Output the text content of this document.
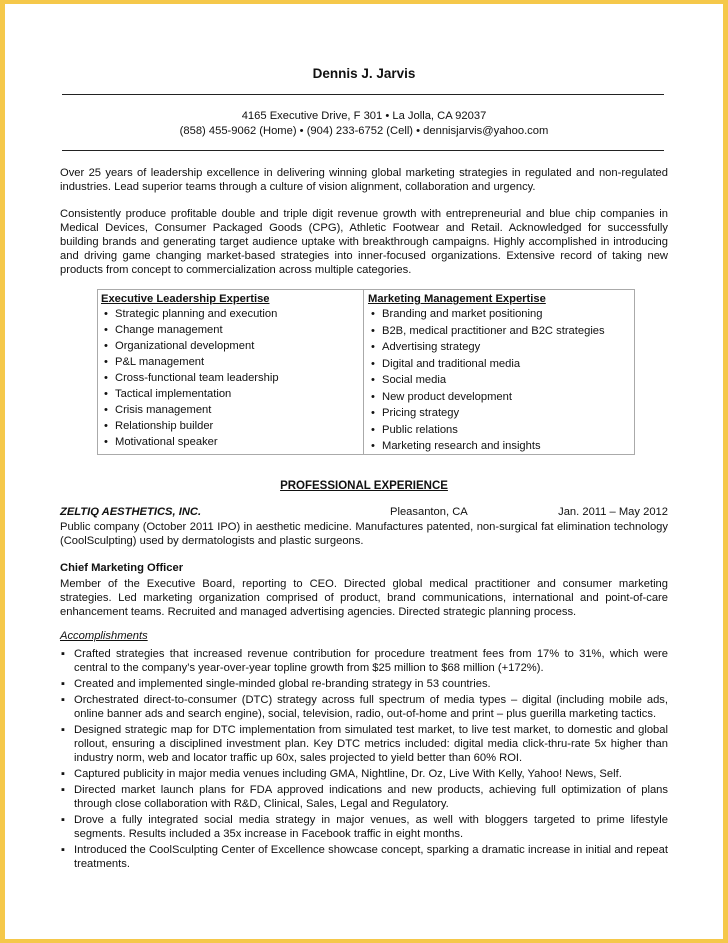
Dennis J. Jarvis
4165 Executive Drive, F 301 • La Jolla, CA 92037
(858) 455-9062 (Home) • (904) 233-6752 (Cell) • dennisjarvis@yahoo.com
Over 25 years of leadership excellence in delivering winning global marketing strategies in regulated and non-regulated industries. Lead superior teams through a culture of vision alignment, collaboration and urgency.
Consistently produce profitable double and triple digit revenue growth with entrepreneurial and blue chip companies in Medical Devices, Consumer Packaged Goods (CPG), Athletic Footwear and Retail. Acknowledged for successfully building brands and generating target audience uptake with breakthrough campaigns. Highly accomplished in introducing and driving game changing market-based strategies into inner-focused organizations. Extensive record of taking new products from concept to commercialization across multiple categories.
Executive Leadership Expertise
• Strategic planning and execution
• Change management
• Organizational development
• P&L management
• Cross-functional team leadership
• Tactical implementation
• Crisis management
• Relationship builder
• Motivational speaker
Marketing Management Expertise
• Branding and market positioning
• B2B, medical practitioner and B2C strategies
• Advertising strategy
• Digital and traditional media
• Social media
• New product development
• Pricing strategy
• Public relations
• Marketing research and insights
PROFESSIONAL EXPERIENCE
ZELTIQ AESTHETICS, INC.	Pleasanton, CA	Jan. 2011 – May 2012
Public company (October 2011 IPO) in aesthetic medicine. Manufactures patented, non-surgical fat elimination technology (CoolSculpting) used by dermatologists and plastic surgeons.
Chief Marketing Officer
Member of the Executive Board, reporting to CEO. Directed global medical practitioner and consumer marketing strategies. Led marketing organization comprised of product, brand communications, international and point-of-care enhancement teams. Recruited and managed advertising agencies. Directed strategic planning process.
Accomplishments
▪ Crafted strategies that increased revenue contribution for procedure treatment fees from 17% to 31%, which were central to the company’s year-over-year topline growth from $25 million to $68 million (+172%).
▪ Created and implemented single-minded global re-branding strategy in 53 countries.
▪ Orchestrated direct-to-consumer (DTC) strategy across full spectrum of media types – digital (including mobile ads, online banner ads and search engine), social, television, radio, out-of-home and print – plus guerilla marketing tactics.
▪ Designed strategic map for DTC implementation from simulated test market, to live test market, to domestic and global rollout, ensuring a disciplined investment plan. Key DTC metrics included: digital media click-thru-rate 5x higher than industry norm, web and locator traffic up 60x, sales projected to yield better than 60% ROI.
▪ Captured publicity in major media venues including GMA, Nightline, Dr. Oz, Live With Kelly, Yahoo! News, Self.
▪ Directed market launch plans for FDA approved indications and new products, achieving full optimization of plans through close collaboration with R&D, Clinical, Sales, Legal and Regulatory.
▪ Drove a fully integrated social media strategy in major venues, as well with bloggers targeted to prime lifestyle segments. Results included a 35x increase in Facebook traffic in eight months.
▪ Introduced the CoolSculpting Center of Excellence showcase concept, sparking a dramatic increase in initial and repeat treatments.
